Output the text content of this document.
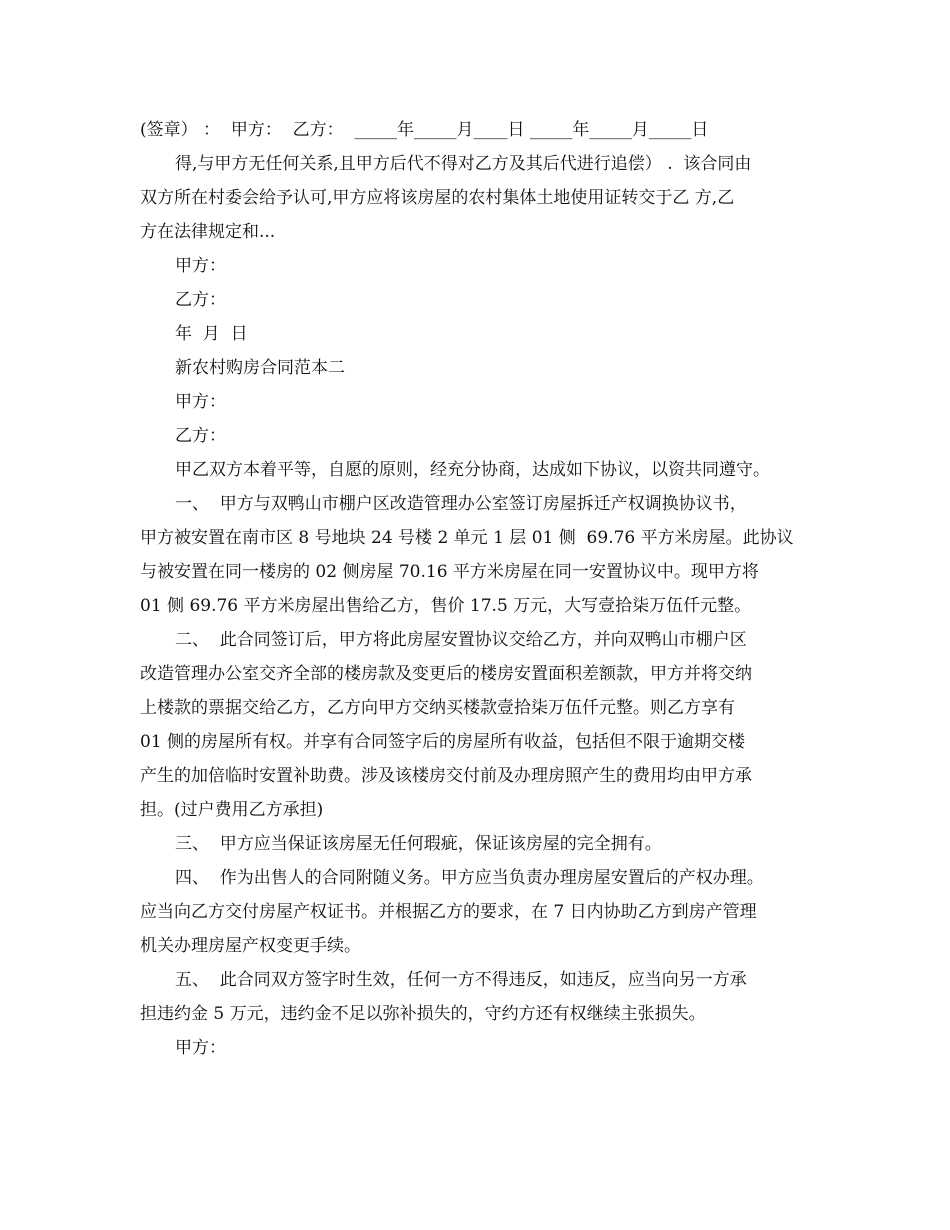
(签章） ：  甲方：  乙方：  _____年_____月____日 _____年_____月_____日
得,与甲方无任何关系,且甲方后代不得对乙方及其后代进行追偿） .  该合同由
双方所在村委会给予认可,甲方应将该房屋的农村集体土地使用证转交于乙 方,乙
方在法律规定和...
甲方：
乙方：
年  月  日
新农村购房合同范本二
甲方：
乙方：
甲乙双方本着平等，自愿的原则，经充分协商，达成如下协议，以资共同遵守。
一、  甲方与双鸭山市棚户区改造管理办公室签订房屋拆迁产权调换协议书，
甲方被安置在南市区 8 号地块 24 号楼 2 单元 1 层 01 侧  69.76 平方米房屋。此协议
与被安置在同一楼房的 02 侧房屋 70.16 平方米房屋在同一安置协议中。现甲方将
01 侧 69.76 平方米房屋出售给乙方，售价 17.5 万元，大写壹拾柒万伍仟元整。
二、  此合同签订后，甲方将此房屋安置协议交给乙方，并向双鸭山市棚户区
改造管理办公室交齐全部的楼房款及变更后的楼房安置面积差额款，甲方并将交纳
上楼款的票据交给乙方，乙方向甲方交纳买楼款壹拾柒万伍仟元整。则乙方享有
01 侧的房屋所有权。并享有合同签字后的房屋所有收益，包括但不限于逾期交楼
产生的加倍临时安置补助费。涉及该楼房交付前及办理房照产生的费用均由甲方承
担。(过户费用乙方承担)
三、  甲方应当保证该房屋无任何瑕疵，保证该房屋的完全拥有。
四、  作为出售人的合同附随义务。甲方应当负责办理房屋安置后的产权办理。
应当向乙方交付房屋产权证书。并根据乙方的要求，在 7 日内协助乙方到房产管理
机关办理房屋产权变更手续。
五、  此合同双方签字时生效，任何一方不得违反，如违反，应当向另一方承
担违约金 5 万元，违约金不足以弥补损失的，守约方还有权继续主张损失。
甲方：
